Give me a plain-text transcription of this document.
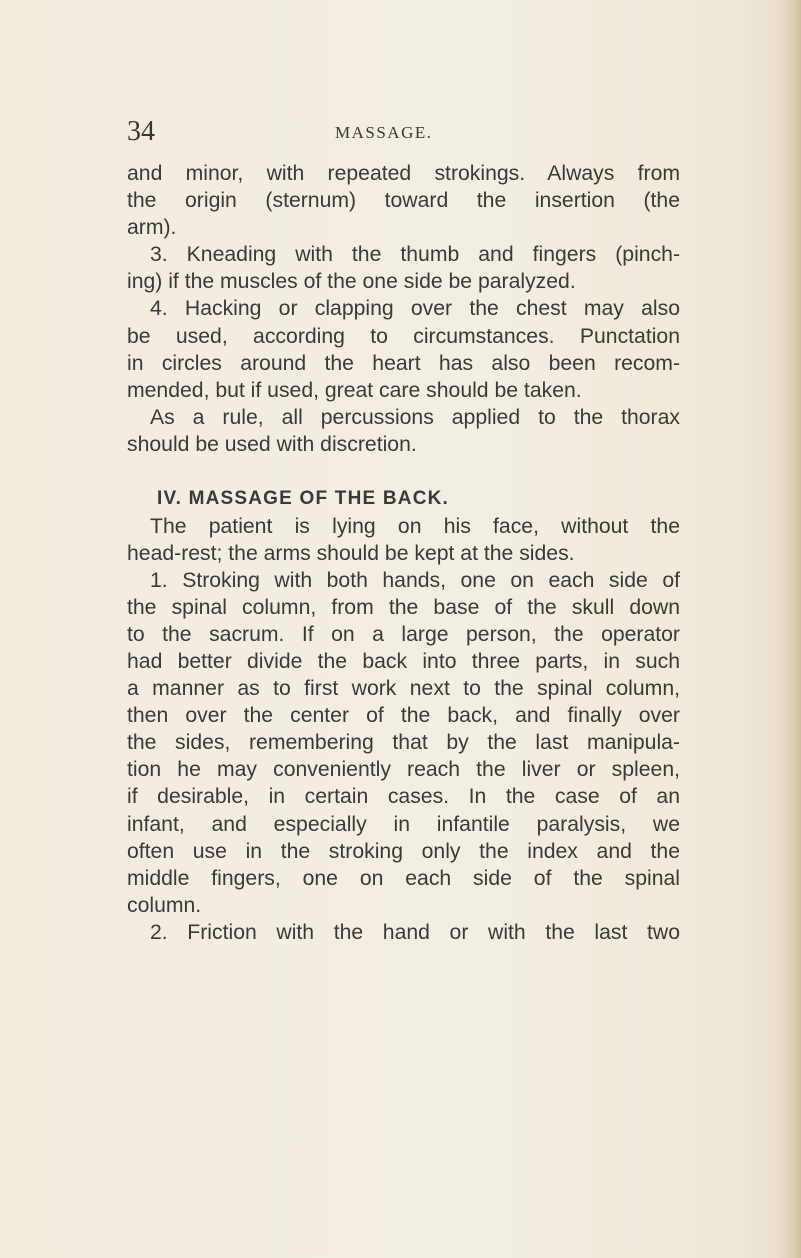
34	MASSAGE.
and minor, with repeated strokings. Always from
the origin (sternum) toward the insertion (the
arm).
3. Kneading with the thumb and fingers (pinch-
ing) if the muscles of the one side be paralyzed.
4. Hacking or clapping over the chest may also
be used, according to circumstances. Punctation
in circles around the heart has also been recom-
mended, but if used, great care should be taken.
As a rule, all percussions applied to the thorax
should be used with discretion.
IV. MASSAGE OF THE BACK.
The patient is lying on his face, without the
head-rest; the arms should be kept at the sides.
1. Stroking with both hands, one on each side of
the spinal column, from the base of the skull down
to the sacrum. If on a large person, the operator
had better divide the back into three parts, in such
a manner as to first work next to the spinal column,
then over the center of the back, and finally over
the sides, remembering that by the last manipula-
tion he may conveniently reach the liver or spleen,
if desirable, in certain cases. In the case of an
infant, and especially in infantile paralysis, we
often use in the stroking only the index and the
middle fingers, one on each side of the spinal
column.
2. Friction with the hand or with the last two
